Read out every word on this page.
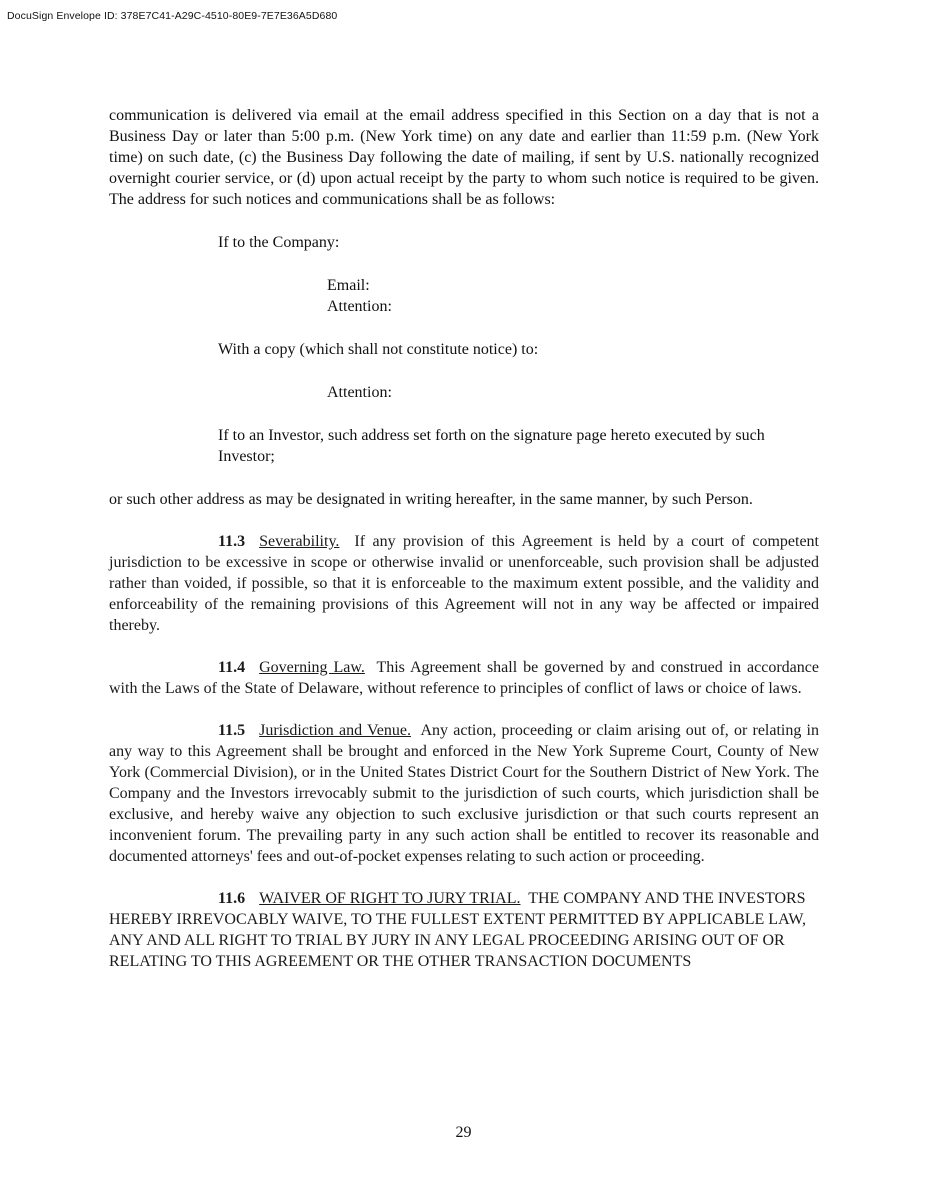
DocuSign Envelope ID: 378E7C41-A29C-4510-80E9-7E7E36A5D680

communication is delivered via email at the email address specified in this Section on a day that is not a Business Day or later than 5:00 p.m. (New York time) on any date and earlier than 11:59 p.m. (New York time) on such date, (c) the Business Day following the date of mailing, if sent by U.S. nationally recognized overnight courier service, or (d) upon actual receipt by the party to whom such notice is required to be given. The address for such notices and communications shall be as follows:

If to the Company:

Email:

Attention:

With a copy (which shall not constitute notice) to:

Attention:

If to an Investor, such address set forth on the signature page hereto executed by such Investor;

or such other address as may be designated in writing hereafter, in the same manner, by such Person.

11.3 Severability. If any provision of this Agreement is held by a court of competent jurisdiction to be excessive in scope or otherwise invalid or unenforceable, such provision shall be adjusted rather than voided, if possible, so that it is enforceable to the maximum extent possible, and the validity and enforceability of the remaining provisions of this Agreement will not in any way be affected or impaired thereby.

11.4 Governing Law. This Agreement shall be governed by and construed in accordance with the Laws of the State of Delaware, without reference to principles of conflict of laws or choice of laws.

11.5 Jurisdiction and Venue. Any action, proceeding or claim arising out of, or relating in any way to this Agreement shall be brought and enforced in the New York Supreme Court, County of New York (Commercial Division), or in the United States District Court for the Southern District of New York. The Company and the Investors irrevocably submit to the jurisdiction of such courts, which jurisdiction shall be exclusive, and hereby waive any objection to such exclusive jurisdiction or that such courts represent an inconvenient forum. The prevailing party in any such action shall be entitled to recover its reasonable and documented attorneys' fees and out-of-pocket expenses relating to such action or proceeding.

11.6 WAIVER OF RIGHT TO JURY TRIAL. THE COMPANY AND THE INVESTORS HEREBY IRREVOCABLY WAIVE, TO THE FULLEST EXTENT PERMITTED BY APPLICABLE LAW, ANY AND ALL RIGHT TO TRIAL BY JURY IN ANY LEGAL PROCEEDING ARISING OUT OF OR RELATING TO THIS AGREEMENT OR THE OTHER TRANSACTION DOCUMENTS

29
